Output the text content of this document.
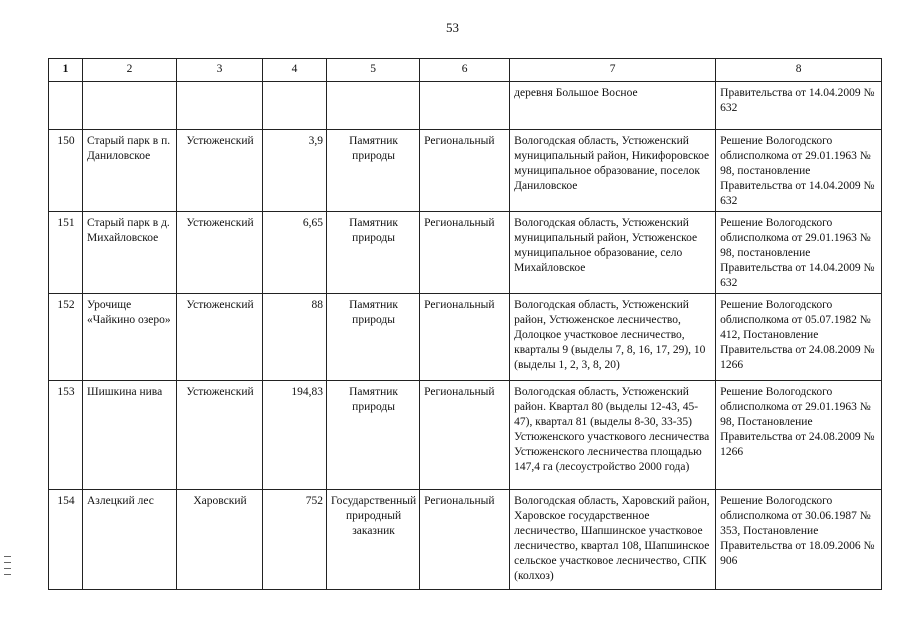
53
1	2	3	4	5	6	7	8
						деревня Большое Восное	Правительства от 14.04.2009 № 632
150	Старый парк в п. Даниловское	Устюженский	3,9	Памятник природы	Региональный	Вологодская область, Устюженский муниципальный район, Никифоровское муниципальное образование, поселок Даниловское	Решение Вологодского облисполкома от 29.01.1963 № 98, постановление Правительства от 14.04.2009 № 632
151	Старый парк в д. Михайловское	Устюженский	6,65	Памятник природы	Региональный	Вологодская область, Устюженский муниципальный район, Устюженское муниципальное образование, село Михайловское	Решение Вологодского облисполкома от 29.01.1963 № 98, постановление Правительства от 14.04.2009 № 632
152	Урочище «Чайкино озеро»	Устюженский	88	Памятник природы	Региональный	Вологодская область, Устюженский район, Устюженское лесничество, Долоцкое участковое лесничество, кварталы 9 (выделы 7, 8, 16, 17, 29), 10 (выделы 1, 2, 3, 8, 20)	Решение Вологодского облисполкома от 05.07.1982 № 412, Постановление Правительства от 24.08.2009 № 1266
153	Шишкина нива	Устюженский	194,83	Памятник природы	Региональный	Вологодская область, Устюженский район. Квартал 80 (выделы 12-43, 45-47), квартал 81 (выделы 8-30, 33-35) Устюженского участкового лесничества Устюженского лесничества площадью 147,4 га (лесоустройство 2000 года)	Решение Вологодского облисполкома от 29.01.1963 № 98, Постановление Правительства от 24.08.2009 № 1266
154	Азлецкий лес	Харовский	752	Государственный природный заказник	Региональный	Вологодская область, Харовский район, Харовское государственное лесничество, Шапшинское участковое лесничество, квартал 108, Шапшинское сельское участковое лесничество, СПК (колхоз)	Решение Вологодского облисполкома от 30.06.1987 № 353, Постановление Правительства от 18.09.2006 № 906
